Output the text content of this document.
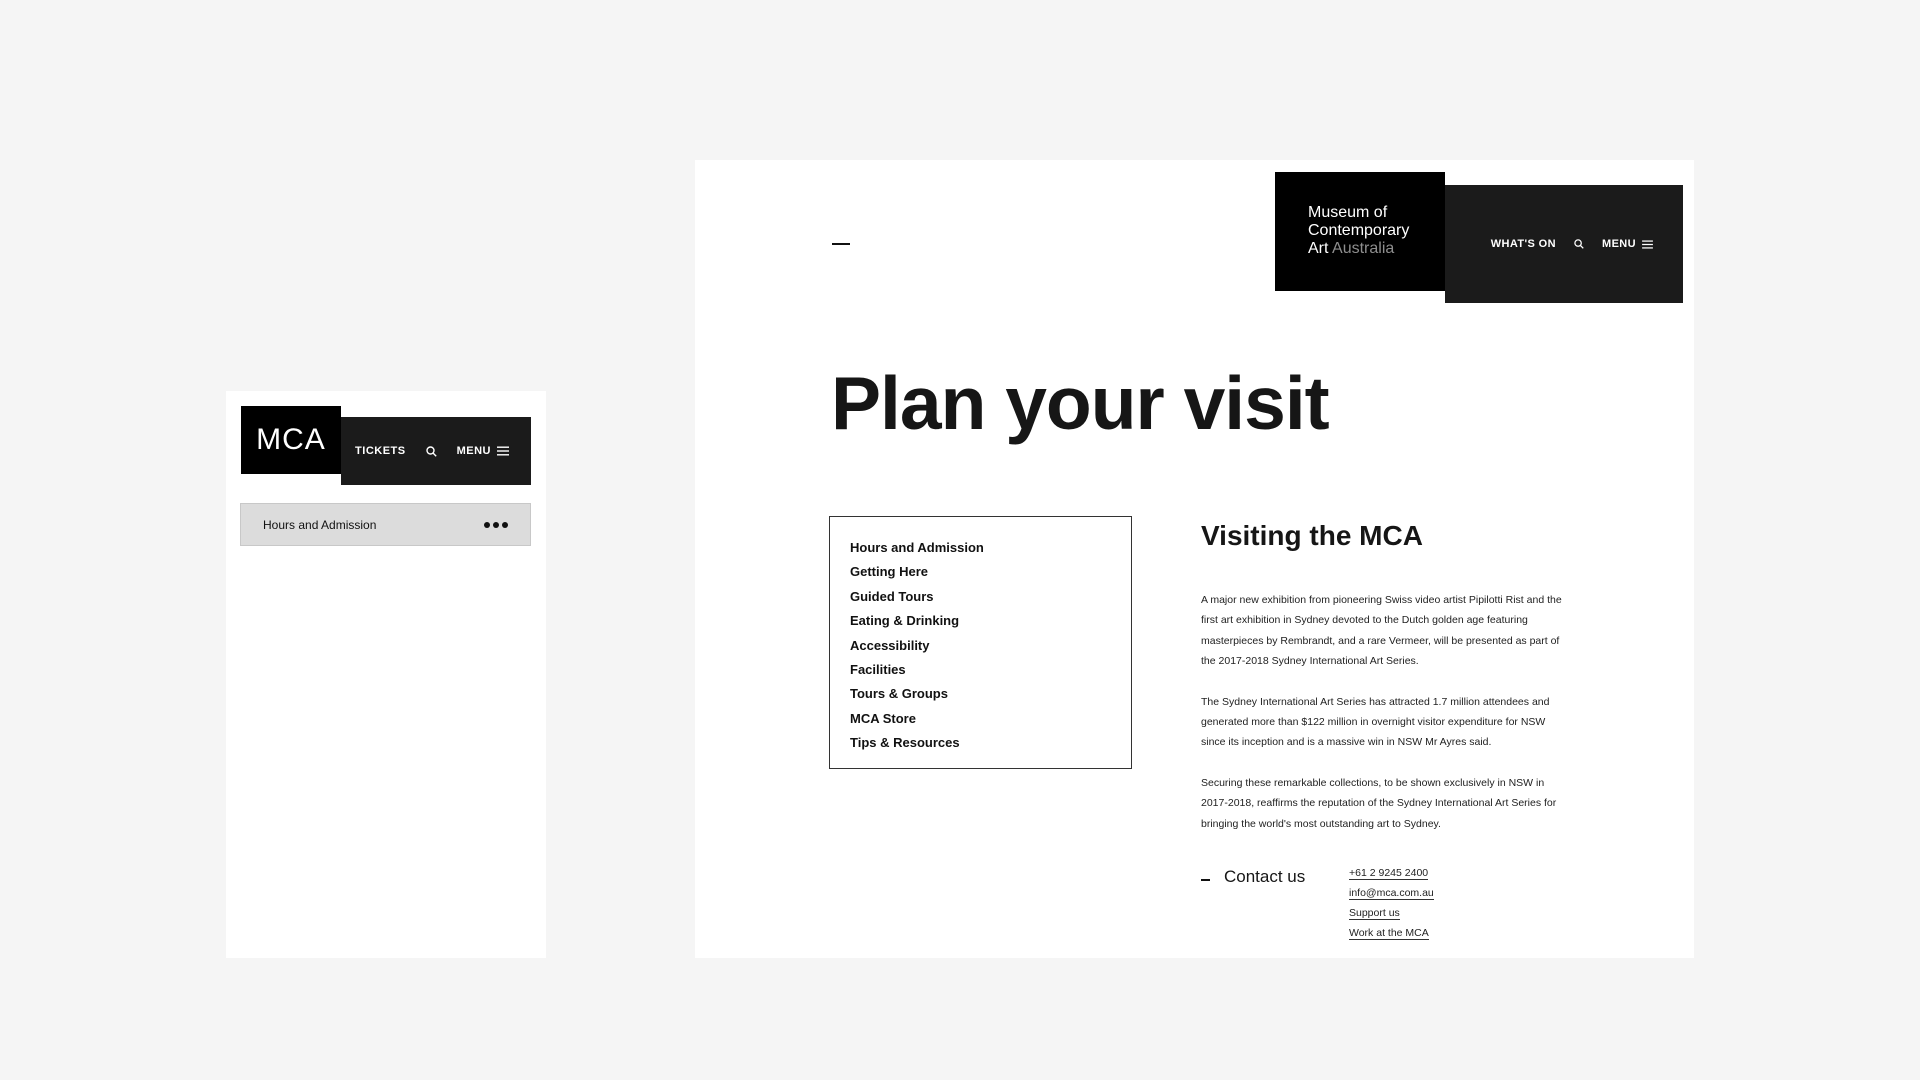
MCA	TICKETS	MENU
Hours and Admission
Museum of
Contemporary
Art Australia	WHAT'S ON	MENU
Plan your visit
Hours and Admission
Getting Here
Guided Tours
Eating & Drinking
Accessibility
Facilities
Tours & Groups
MCA Store
Tips & Resources
Visiting the MCA

A major new exhibition from pioneering Swiss video artist Pipilotti Rist and the first art exhibition in Sydney devoted to the Dutch golden age featuring masterpieces by Rembrandt, and a rare Vermeer, will be presented as part of the 2017-2018 Sydney International Art Series.

The Sydney International Art Series has attracted 1.7 million attendees and generated more than $122 million in overnight visitor expenditure for NSW since its inception and is a massive win in NSW Mr Ayres said.

Securing these remarkable collections, to be shown exclusively in NSW in 2017-2018, reaffirms the reputation of the Sydney International Art Series for bringing the world's most outstanding art to Sydney.

Contact us	+61 2 9245 2400
info@mca.com.au
Support us
Work at the MCA
